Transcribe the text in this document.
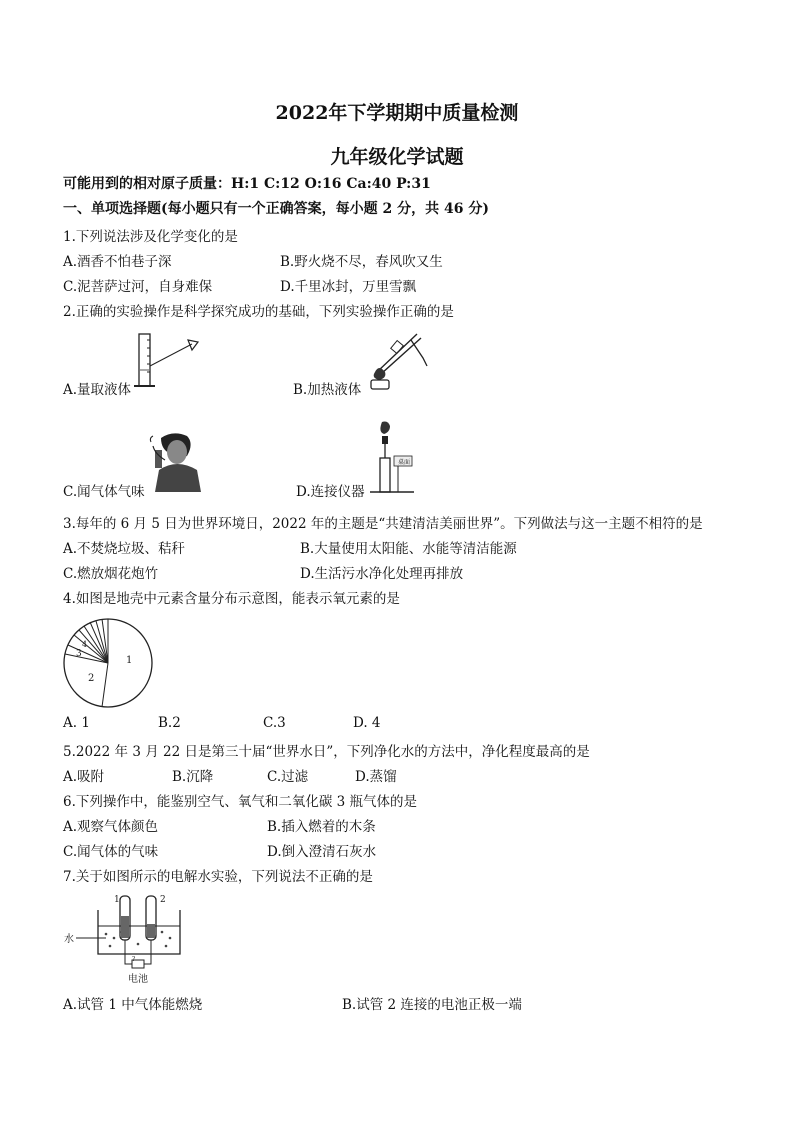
2022年下学期期中质量检测
九年级化学试题
可能用到的相对原子质量：H:1 C:12 O:16 Ca:40 P:31
一、单项选择题(每小题只有一个正确答案，每小题 2 分，共 46 分)
1.下列说法涉及化学变化的是
A.酒香不怕巷子深	B.野火烧不尽，春风吹又生
C.泥菩萨过河，自身难保	D.千里冰封，万里雪飘
2.正确的实验操作是科学探究成功的基础，下列实验操作正确的是
A.量取液体	B.加热液体
C.闻气体气味
桌面
D.连接仪器
3.每年的 6 月 5 日为世界环境日，2022 年的主题是“共建清洁美丽世界”。下列做法与这一主题不相符的是
A.不焚烧垃圾、秸秆	B.大量使用太阳能、水能等清洁能源
C.燃放烟花炮竹	D.生活污水净化处理再排放
4.如图是地壳中元素含量分布示意图，能表示氧元素的是
1
2
3
4
A. 1	B.2	C.3	D. 4
5.2022 年 3 月 22 日是第三十届“世界水日”，下列净化水的方法中，净化程度最高的是
A.吸附	B.沉降	C.过滤	D.蒸馏
6.下列操作中，能鉴别空气、氧气和二氧化碳 3 瓶气体的是
A.观察气体颜色	B.插入燃着的木条
C.闻气体的气味	D.倒入澄清石灰水
7.关于如图所示的电解水实验，下列说法不正确的是
1	2
水
?
电池
A.试管 1 中气体能燃烧	B.试管 2 连接的电池正极一端
